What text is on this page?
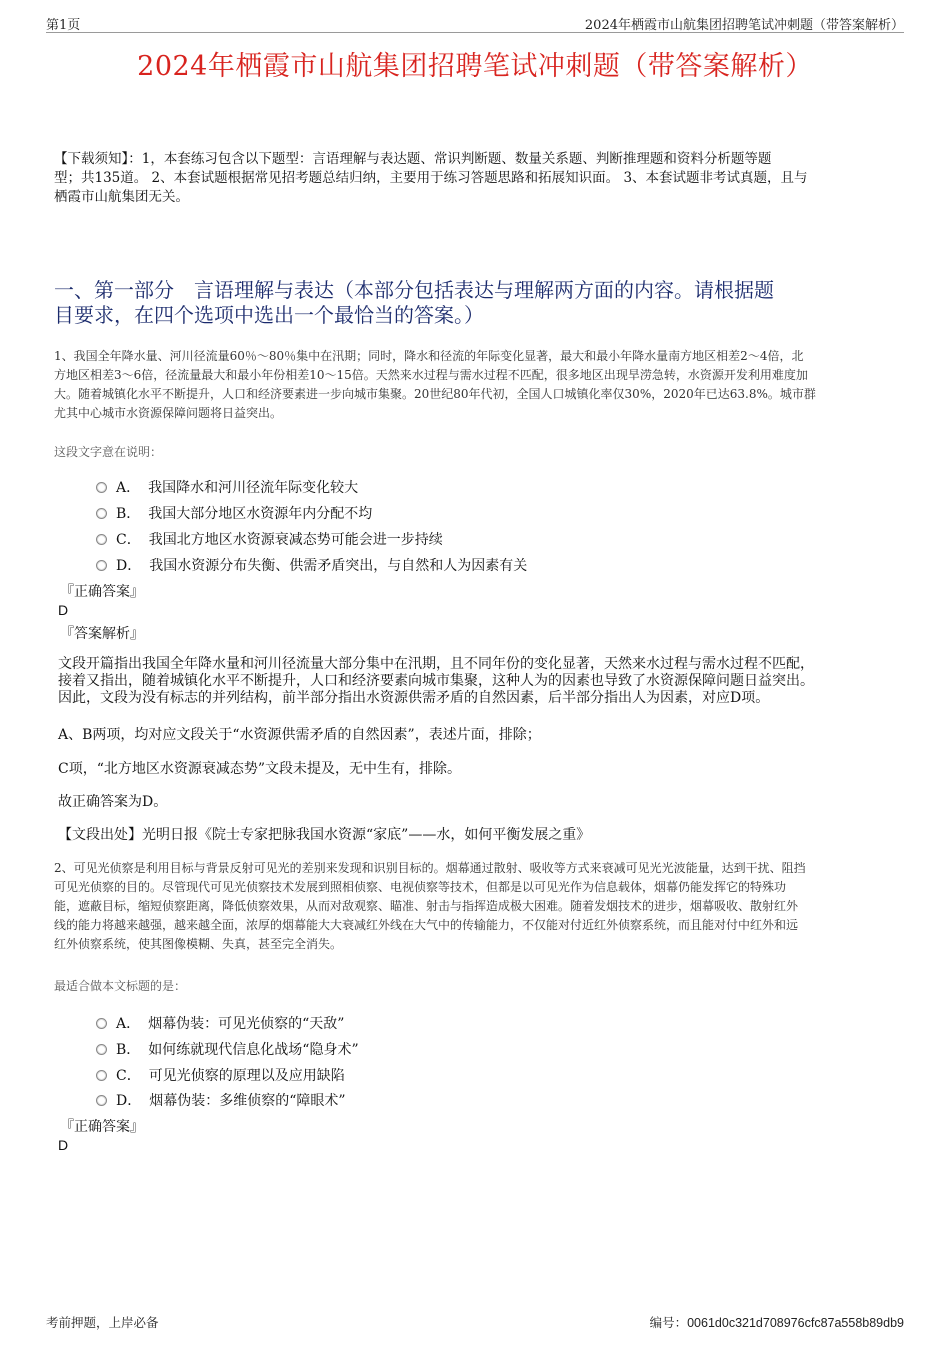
第1页	2024年栖霞市山航集团招聘笔试冲刺题（带答案解析）
2024年栖霞市山航集团招聘笔试冲刺题（带答案解析）
【下载须知】：1，本套练习包含以下题型：言语理解与表达题、常识判断题、数量关系题、判断推理题和资料分析题等题
型；共135道。 2、本套试题根据常见招考题总结归纳，主要用于练习答题思路和拓展知识面。 3、本套试题非考试真题，且与
栖霞市山航集团无关。
一、第一部分　言语理解与表达（本部分包括表达与理解两方面的内容。请根据题
目要求，在四个选项中选出一个最恰当的答案。）
1、我国全年降水量、河川径流量60％～80％集中在汛期；同时，降水和径流的年际变化显著，最大和最小年降水量南方地区相差2～4倍，北
方地区相差3～6倍，径流量最大和最小年份相差10～15倍。天然来水过程与需水过程不匹配，很多地区出现旱涝急转，水资源开发利用难度加
大。随着城镇化水平不断提升，人口和经济要素进一步向城市集聚。20世纪80年代初，全国人口城镇化率仅30%，2020年已达63.8%。城市群
尤其中心城市水资源保障问题将日益突出。
这段文字意在说明：
A． 我国降水和河川径流年际变化较大
B． 我国大部分地区水资源年内分配不均
C． 我国北方地区水资源衰减态势可能会进一步持续
D． 我国水资源分布失衡、供需矛盾突出，与自然和人为因素有关
『正确答案』
D
『答案解析』
文段开篇指出我国全年降水量和河川径流量大部分集中在汛期，且不同年份的变化显著，天然来水过程与需水过程不匹配，
接着又指出，随着城镇化水平不断提升，人口和经济要素向城市集聚，这种人为的因素也导致了水资源保障问题日益突出。
因此，文段为没有标志的并列结构，前半部分指出水资源供需矛盾的自然因素，后半部分指出人为因素，对应D项。
A、B两项，均对应文段关于“水资源供需矛盾的自然因素”，表述片面，排除；
C项，“北方地区水资源衰减态势”文段未提及，无中生有，排除。
故正确答案为D。
【文段出处】光明日报《院士专家把脉我国水资源“家底”——水，如何平衡发展之重》
2、可见光侦察是利用目标与背景反射可见光的差别来发现和识别目标的。烟幕通过散射、吸收等方式来衰减可见光光波能量，达到干扰、阻挡
可见光侦察的目的。尽管现代可见光侦察技术发展到照相侦察、电视侦察等技术，但都是以可见光作为信息载体，烟幕仍能发挥它的特殊功
能，遮蔽目标，缩短侦察距离，降低侦察效果，从而对敌观察、瞄准、射击与指挥造成极大困难。随着发烟技术的进步，烟幕吸收、散射红外
线的能力将越来越强，越来越全面，浓厚的烟幕能大大衰减红外线在大气中的传输能力，不仅能对付近红外侦察系统，而且能对付中红外和远
红外侦察系统，使其图像模糊、失真，甚至完全消失。
最适合做本文标题的是：
A． 烟幕伪装：可见光侦察的“天敌”
B． 如何练就现代信息化战场“隐身术”
C． 可见光侦察的原理以及应用缺陷
D． 烟幕伪装：多维侦察的“障眼术”
『正确答案』
D
考前押题，上岸必备	编号：0061d0c321d708976cfc87a558b89db9
